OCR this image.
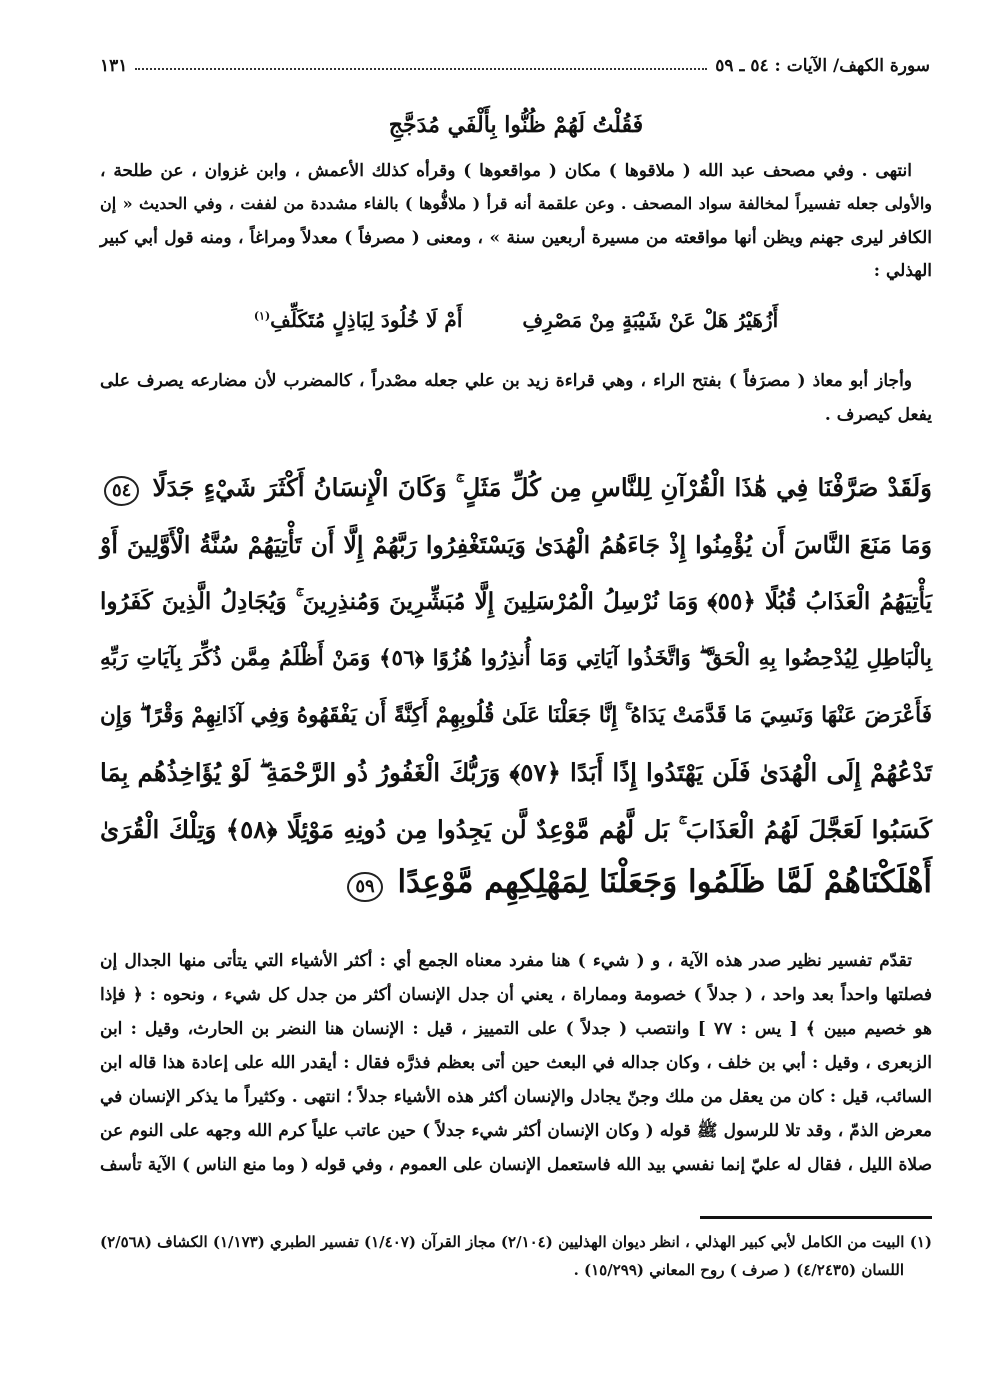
سورة الكهف/ الآيات : ٥٤ ـ ٥٩
١٣١
فَقُلْتُ لَهُمْ ظُنُّوا بِأَلْفَي مُدَجَّجِ
انتهى . وفي مصحف عبد الله ( ملاقوها ) مكان ( مواقعوها ) وقرأه كذلك الأعمش ، وابن غزوان ، عن طلحة ،
والأولى جعله تفسيراً لمخالفة سواد المصحف . وعن علقمة أنه قرأ ( ملافُّوها ) بالفاء مشددة من لففت ، وفي الحديث « إن
الكافر ليرى جهنم ويظن أنها مواقعته من مسيرة أربعين سنة » ، ومعنى ( مصرفاً ) معدلاً ومراغاً ، ومنه قول أبي كبير
الهذلي :
أَزُهَيْرُ هَلْ عَنْ شَيْبَةٍ مِنْ مَصْرِفِ
أَمْ لَا خُلُودَ لِبَاذِلٍ مُتَكَلِّفِ$^{(١)}$
وأجاز أبو معاذ ( مصرَفاً ) بفتح الراء ، وهي قراءة زيد بن علي جعله مصْدراً ، كالمضرب لأن مضارعه يصرف على
يفعل كيصرف .
وَلَقَدْ صَرَّفْنَا فِي هَٰذَا الْقُرْآنِ لِلنَّاسِ مِن كُلِّ مَثَلٍ ۚ وَكَانَ الْإِنسَانُ أَكْثَرَ شَيْءٍ جَدَلًا ٥٤
وَمَا مَنَعَ النَّاسَ أَن يُؤْمِنُوا إِذْ جَاءَهُمُ الْهُدَىٰ وَيَسْتَغْفِرُوا رَبَّهُمْ إِلَّا أَن تَأْتِيَهُمْ سُنَّةُ الْأَوَّلِينَ أَوْ
يَأْتِيَهُمُ الْعَذَابُ قُبُلًا ﴿٥٥﴾ وَمَا نُرْسِلُ الْمُرْسَلِينَ إِلَّا مُبَشِّرِينَ وَمُنذِرِينَ ۚ وَيُجَادِلُ الَّذِينَ كَفَرُوا
بِالْبَاطِلِ لِيُدْحِضُوا بِهِ الْحَقَّ ۖ وَاتَّخَذُوا آيَاتِي وَمَا أُنذِرُوا هُزُوًا ﴿٥٦﴾ وَمَنْ أَظْلَمُ مِمَّن ذُكِّرَ بِآيَاتِ رَبِّهِ
فَأَعْرَضَ عَنْهَا وَنَسِيَ مَا قَدَّمَتْ يَدَاهُ ۚ إِنَّا جَعَلْنَا عَلَىٰ قُلُوبِهِمْ أَكِنَّةً أَن يَفْقَهُوهُ وَفِي آذَانِهِمْ وَقْرًا ۖ وَإِن
تَدْعُهُمْ إِلَى الْهُدَىٰ فَلَن يَهْتَدُوا إِذًا أَبَدًا ﴿٥٧﴾ وَرَبُّكَ الْغَفُورُ ذُو الرَّحْمَةِ ۖ لَوْ يُؤَاخِذُهُم بِمَا
كَسَبُوا لَعَجَّلَ لَهُمُ الْعَذَابَ ۚ بَل لَّهُم مَّوْعِدٌ لَّن يَجِدُوا مِن دُونِهِ مَوْئِلًا ﴿٥٨﴾ وَتِلْكَ الْقُرَىٰ
أَهْلَكْنَاهُمْ لَمَّا ظَلَمُوا وَجَعَلْنَا لِمَهْلِكِهِم مَّوْعِدًا ٥٩
تقدّم تفسير نظير صدر هذه الآية ، و ( شيء ) هنا مفرد معناه الجمع أي : أكثر الأشياء التي يتأتى منها الجدال إن
فصلتها واحداً بعد واحد ، ( جدلاً ) خصومة ومماراة ، يعني أن جدل الإنسان أكثر من جدل كل شيء ، ونحوه : ﴿ فإذا
هو خصيم مبين ﴾ [ يس : ٧٧ ] وانتصب ( جدلاً ) على التمييز ، قيل : الإنسان هنا النضر بن الحارث، وقيل : ابن
الزبعرى ، وقيل : أبي بن خلف ، وكان جداله في البعث حين أتى بعظم فذرَّه فقال : أيقدر الله على إعادة هذا قاله ابن
السائب، قيل : كان من يعقل من ملك وجنّ يجادل والإنسان أكثر هذه الأشياء جدلاً ؛ انتهى . وكثيراً ما يذكر الإنسان في
معرض الذمّ ، وقد تلا للرسول ﷺ قوله ( وكان الإنسان أكثر شيء جدلاً ) حين عاتب علياً كرم الله وجهه على النوم عن
صلاة الليل ، فقال له عليّ إنما نفسي بيد الله فاستعمل الإنسان على العموم ، وفي قوله ( وما منع الناس ) الآية تأسف
(١) البيت من الكامل لأبي كبير الهذلي ، انظر ديوان الهذليين (٢/١٠٤) مجاز القرآن (١/٤٠٧) تفسير الطبري (١/١٧٣) الكشاف (٢/٥٦٨)
اللسان (٤/٢٤٣٥) ( صرف ) روح المعاني (١٥/٢٩٩) .
